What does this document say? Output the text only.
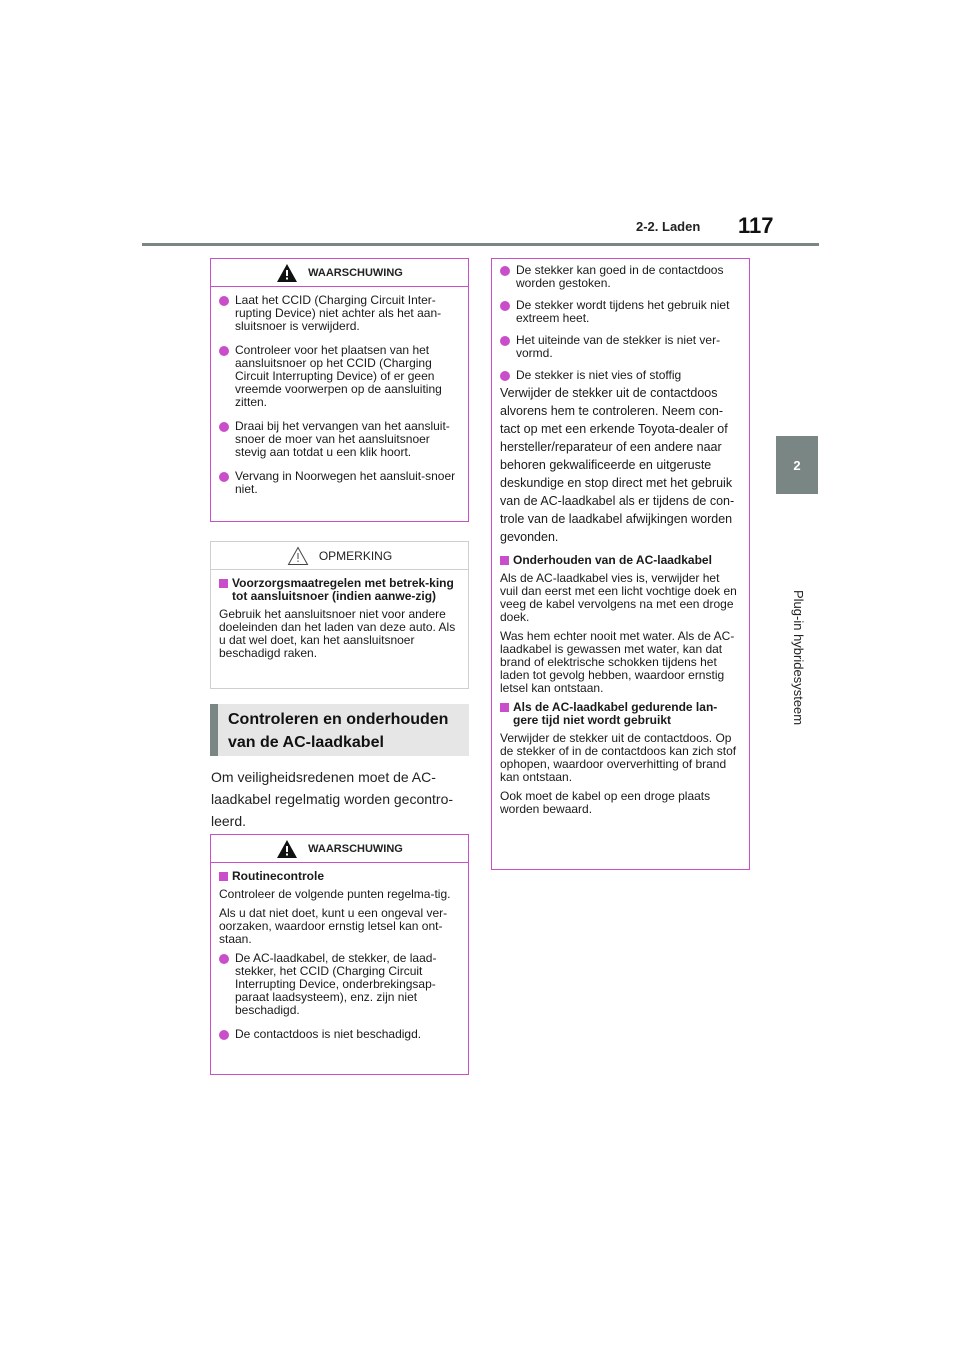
2-2. Laden 117
2
Plug-in hybridesysteem
WAARSCHUWING
Laat het CCID (Charging Circuit Inter-rupting Device) niet achter als het aan-sluitsnoer is verwijderd.
Controleer voor het plaatsen van het aansluitsnoer op het CCID (Charging Circuit Interrupting Device) of er geen vreemde voorwerpen op de aansluiting zitten.
Draai bij het vervangen van het aansluit-snoer de moer van het aansluitsnoer stevig aan totdat u een klik hoort.
Vervang in Noorwegen het aansluit-snoer niet.
OPMERKING
Voorzorgsmaatregelen met betrek-king tot aansluitsnoer (indien aanwe-zig)
Gebruik het aansluitsnoer niet voor andere doeleinden dan het laden van deze auto. Als u dat wel doet, kan het aansluitsnoer beschadigd raken.
Controleren en onderhouden van de AC-laadkabel
Om veiligheidsredenen moet de AC-laadkabel regelmatig worden gecontro-leerd.
WAARSCHUWING
Routinecontrole
Controleer de volgende punten regelma-tig.
Als u dat niet doet, kunt u een ongeval ver-oorzaken, waardoor ernstig letsel kan ont-staan.
De AC-laadkabel, de stekker, de laad-stekker, het CCID (Charging Circuit Interrupting Device, onderbrekingsap-paraat laadsysteem), enz. zijn niet beschadigd.
De contactdoos is niet beschadigd.
De stekker kan goed in de contactdoos worden gestoken.
De stekker wordt tijdens het gebruik niet extreem heet.
Het uiteinde van de stekker is niet ver-vormd.
De stekker is niet vies of stoffig
Verwijder de stekker uit de contactdoos alvorens hem te controleren. Neem con-tact op met een erkende Toyota-dealer of hersteller/reparateur of een andere naar behoren gekwalificeerde en uitgeruste deskundige en stop direct met het gebruik van de AC-laadkabel als er tijdens de con-trole van de laadkabel afwijkingen worden gevonden.
Onderhouden van de AC-laadkabel
Als de AC-laadkabel vies is, verwijder het vuil dan eerst met een licht vochtige doek en veeg de kabel vervolgens na met een droge doek.
Was hem echter nooit met water. Als de AC-laadkabel is gewassen met water, kan dat brand of elektrische schokken tijdens het laden tot gevolg hebben, waardoor ernstig letsel kan ontstaan.
Als de AC-laadkabel gedurende lan-gere tijd niet wordt gebruikt
Verwijder de stekker uit de contactdoos. Op de stekker of in de contactdoos kan zich stof ophopen, waardoor oververhitting of brand kan ontstaan.
Ook moet de kabel op een droge plaats worden bewaard.
